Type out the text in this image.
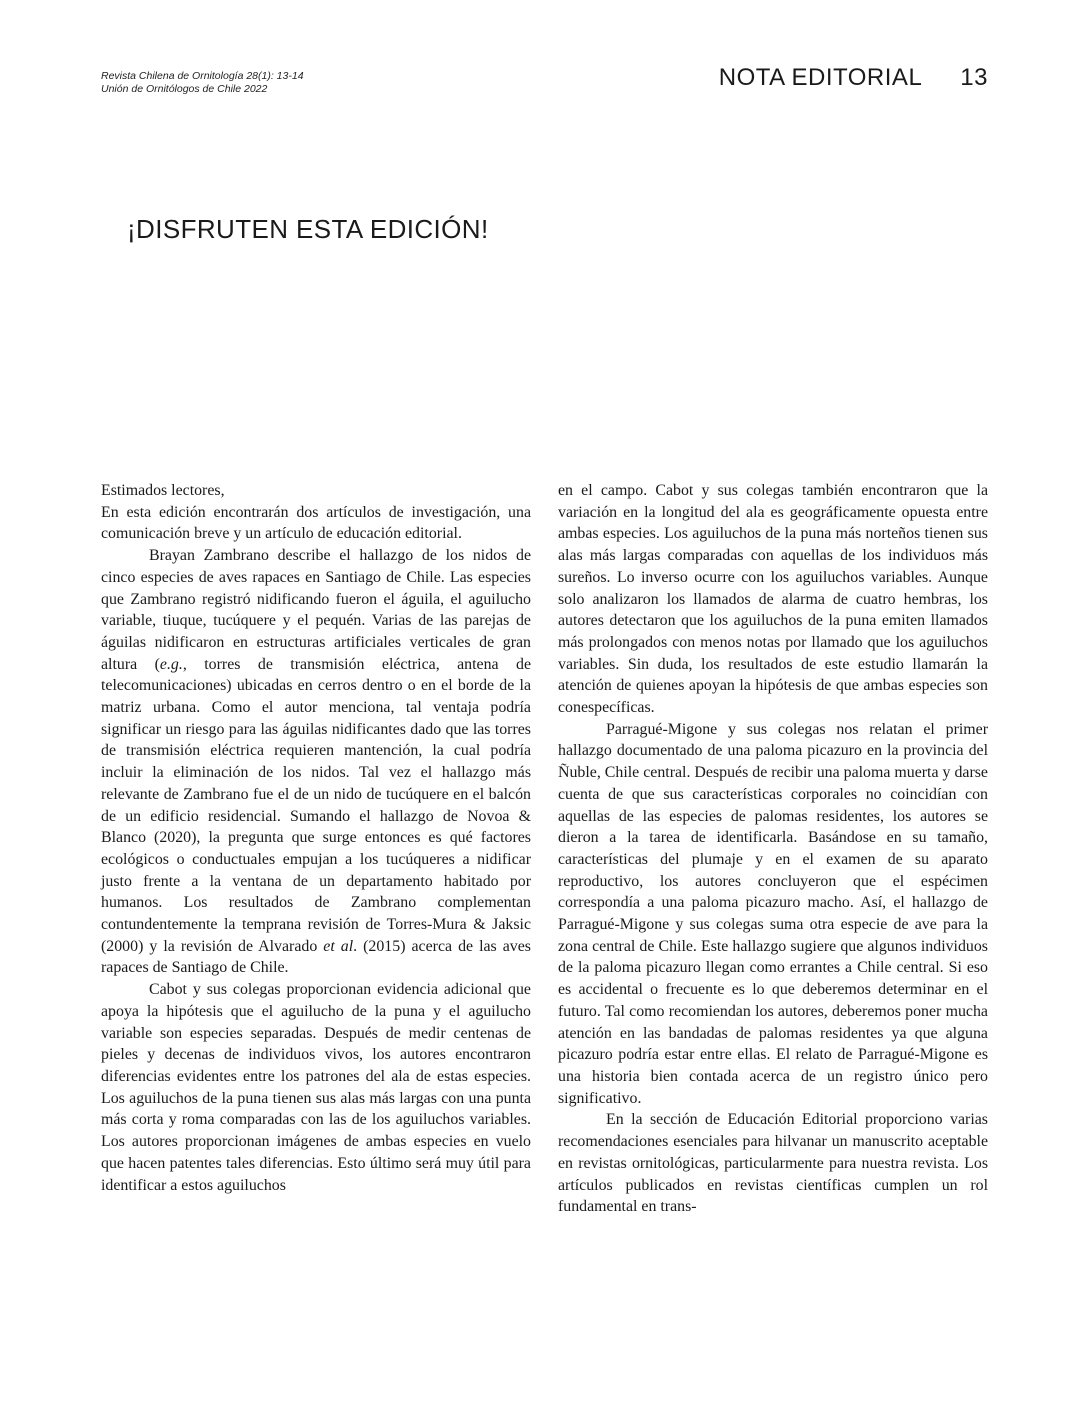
Revista Chilena de Ornitología 28(1): 13-14
Unión de Ornitólogos de Chile 2022	NOTA EDITORIAL 13
¡DISFRUTEN ESTA EDICIÓN!

Estimados lectores,

En esta edición encontrarán dos artículos de investigación, una comunicación breve y un artículo de educación editorial.

Brayan Zambrano describe el hallazgo de los nidos de cinco especies de aves rapaces en Santiago de Chile. Las especies que Zambrano registró nidificando fueron el águila, el aguilucho variable, tiuque, tucúquere y el pequén. Varias de las parejas de águilas nidificaron en estructuras artificiales verticales de gran altura (e.g., torres de transmisión eléctrica, antena de telecomunicaciones) ubicadas en cerros dentro o en el borde de la matriz urbana. Como el autor menciona, tal ventaja podría significar un riesgo para las águilas nidificantes dado que las torres de transmisión eléctrica requieren mantención, la cual podría incluir la eliminación de los nidos. Tal vez el hallazgo más relevante de Zambrano fue el de un nido de tucúquere en el balcón de un edificio residencial. Sumando el hallazgo de Novoa & Blanco (2020), la pregunta que surge entonces es qué factores ecológicos o conductuales empujan a los tucúqueres a nidificar justo frente a la ventana de un departamento habitado por humanos. Los resultados de Zambrano complementan contundentemente la temprana revisión de Torres-Mura & Jaksic (2000) y la revisión de Alvarado et al. (2015) acerca de las aves rapaces de Santiago de Chile.

Cabot y sus colegas proporcionan evidencia adicional que apoya la hipótesis que el aguilucho de la puna y el aguilucho variable son especies separadas. Después de medir centenas de pieles y decenas de individuos vivos, los autores encontraron diferencias evidentes entre los patrones del ala de estas especies. Los aguiluchos de la puna tienen sus alas más largas con una punta más corta y roma comparadas con las de los aguiluchos variables. Los autores proporcionan imágenes de ambas especies en vuelo que hacen patentes tales diferencias. Esto último será muy útil para identificar a estos aguiluchos

en el campo. Cabot y sus colegas también encontraron que la variación en la longitud del ala es geográficamente opuesta entre ambas especies. Los aguiluchos de la puna más norteños tienen sus alas más largas comparadas con aquellas de los individuos más sureños. Lo inverso ocurre con los aguiluchos variables. Aunque solo analizaron los llamados de alarma de cuatro hembras, los autores detectaron que los aguiluchos de la puna emiten llamados más prolongados con menos notas por llamado que los aguiluchos variables. Sin duda, los resultados de este estudio llamarán la atención de quienes apoyan la hipótesis de que ambas especies son conespecíficas.

Parragué-Migone y sus colegas nos relatan el primer hallazgo documentado de una paloma picazuro en la provincia del Ñuble, Chile central. Después de recibir una paloma muerta y darse cuenta de que sus características corporales no coincidían con aquellas de las especies de palomas residentes, los autores se dieron a la tarea de identificarla. Basándose en su tamaño, características del plumaje y en el examen de su aparato reproductivo, los autores concluyeron que el espécimen correspondía a una paloma picazuro macho. Así, el hallazgo de Parragué-Migone y sus colegas suma otra especie de ave para la zona central de Chile. Este hallazgo sugiere que algunos individuos de la paloma picazuro llegan como errantes a Chile central. Si eso es accidental o frecuente es lo que deberemos determinar en el futuro. Tal como recomiendan los autores, deberemos poner mucha atención en las bandadas de palomas residentes ya que alguna picazuro podría estar entre ellas. El relato de Parragué-Migone es una historia bien contada acerca de un registro único pero significativo.

En la sección de Educación Editorial proporciono varias recomendaciones esenciales para hilvanar un manuscrito aceptable en revistas ornitológicas, particularmente para nuestra revista. Los artículos publicados en revistas científicas cumplen un rol fundamental en trans-
